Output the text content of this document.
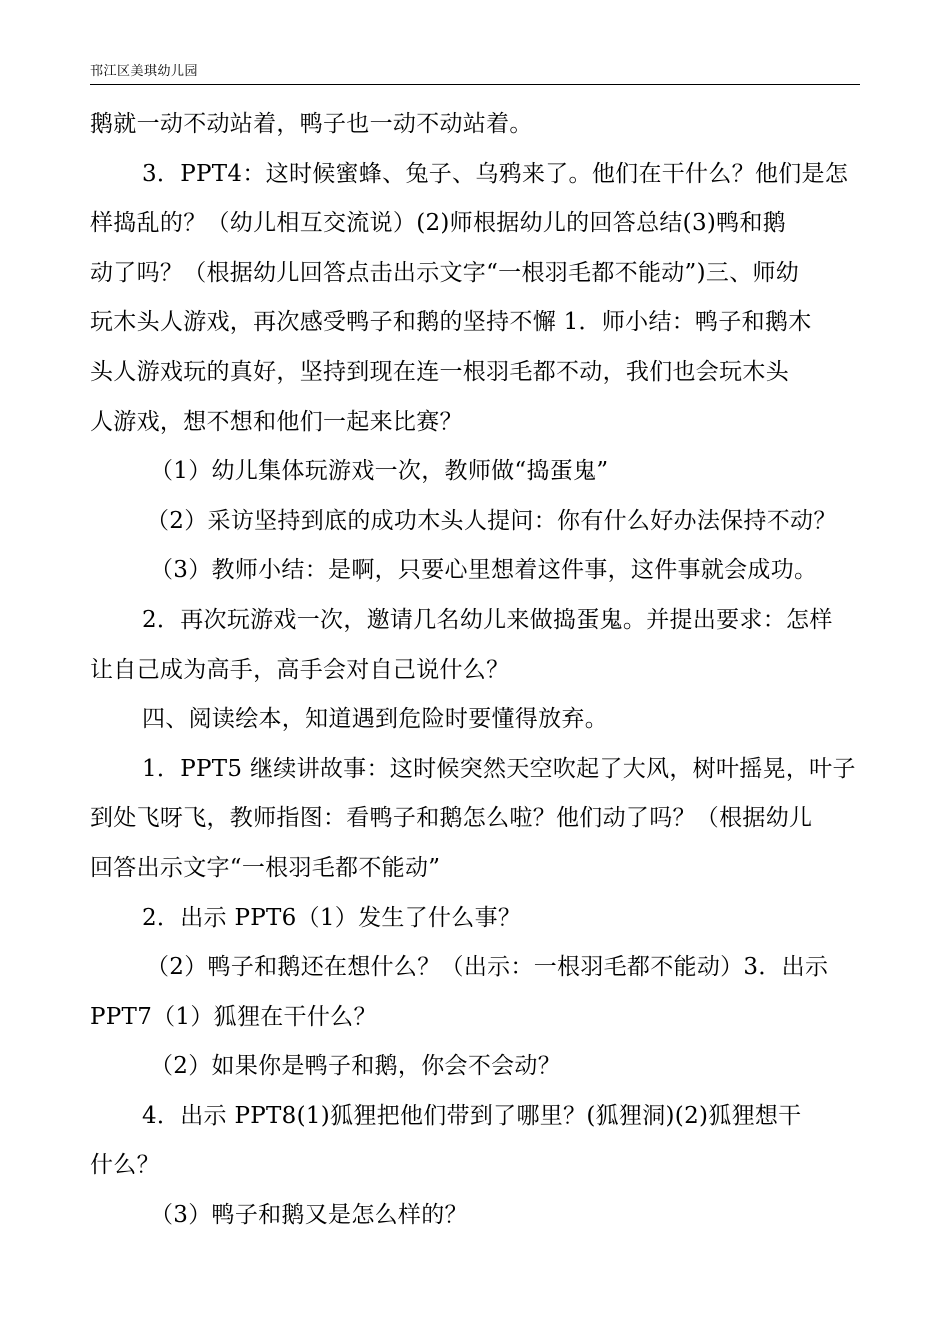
邗江区美琪幼儿园
鹅就一动不动站着，鸭子也一动不动站着。
3．PPT4：这时候蜜蜂、兔子、乌鸦来了。他们在干什么？他们是怎
样捣乱的？（幼儿相互交流说）(2)师根据幼儿的回答总结(3)鸭和鹅
动了吗？（根据幼儿回答点击出示文字“一根羽毛都不能动”)三、师幼
玩木头人游戏，再次感受鸭子和鹅的坚持不懈 1．师小结：鸭子和鹅木
头人游戏玩的真好，坚持到现在连一根羽毛都不动，我们也会玩木头
人游戏，想不想和他们一起来比赛？
（1）幼儿集体玩游戏一次，教师做“捣蛋鬼”
（2）采访坚持到底的成功木头人提问：你有什么好办法保持不动？
（3）教师小结：是啊，只要心里想着这件事，这件事就会成功。
2．再次玩游戏一次，邀请几名幼儿来做捣蛋鬼。并提出要求：怎样
让自己成为高手，高手会对自己说什么？
四、阅读绘本，知道遇到危险时要懂得放弃。
1．PPT5 继续讲故事：这时候突然天空吹起了大风，树叶摇晃，叶子
到处飞呀飞，教师指图：看鸭子和鹅怎么啦？他们动了吗？（根据幼儿
回答出示文字“一根羽毛都不能动”
2．出示 PPT6（1）发生了什么事？
（2）鸭子和鹅还在想什么？（出示：一根羽毛都不能动）3．出示
PPT7（1）狐狸在干什么？
（2）如果你是鸭子和鹅，你会不会动？
4．出示 PPT8(1)狐狸把他们带到了哪里？(狐狸洞)(2)狐狸想干
什么？
（3）鸭子和鹅又是怎么样的？
